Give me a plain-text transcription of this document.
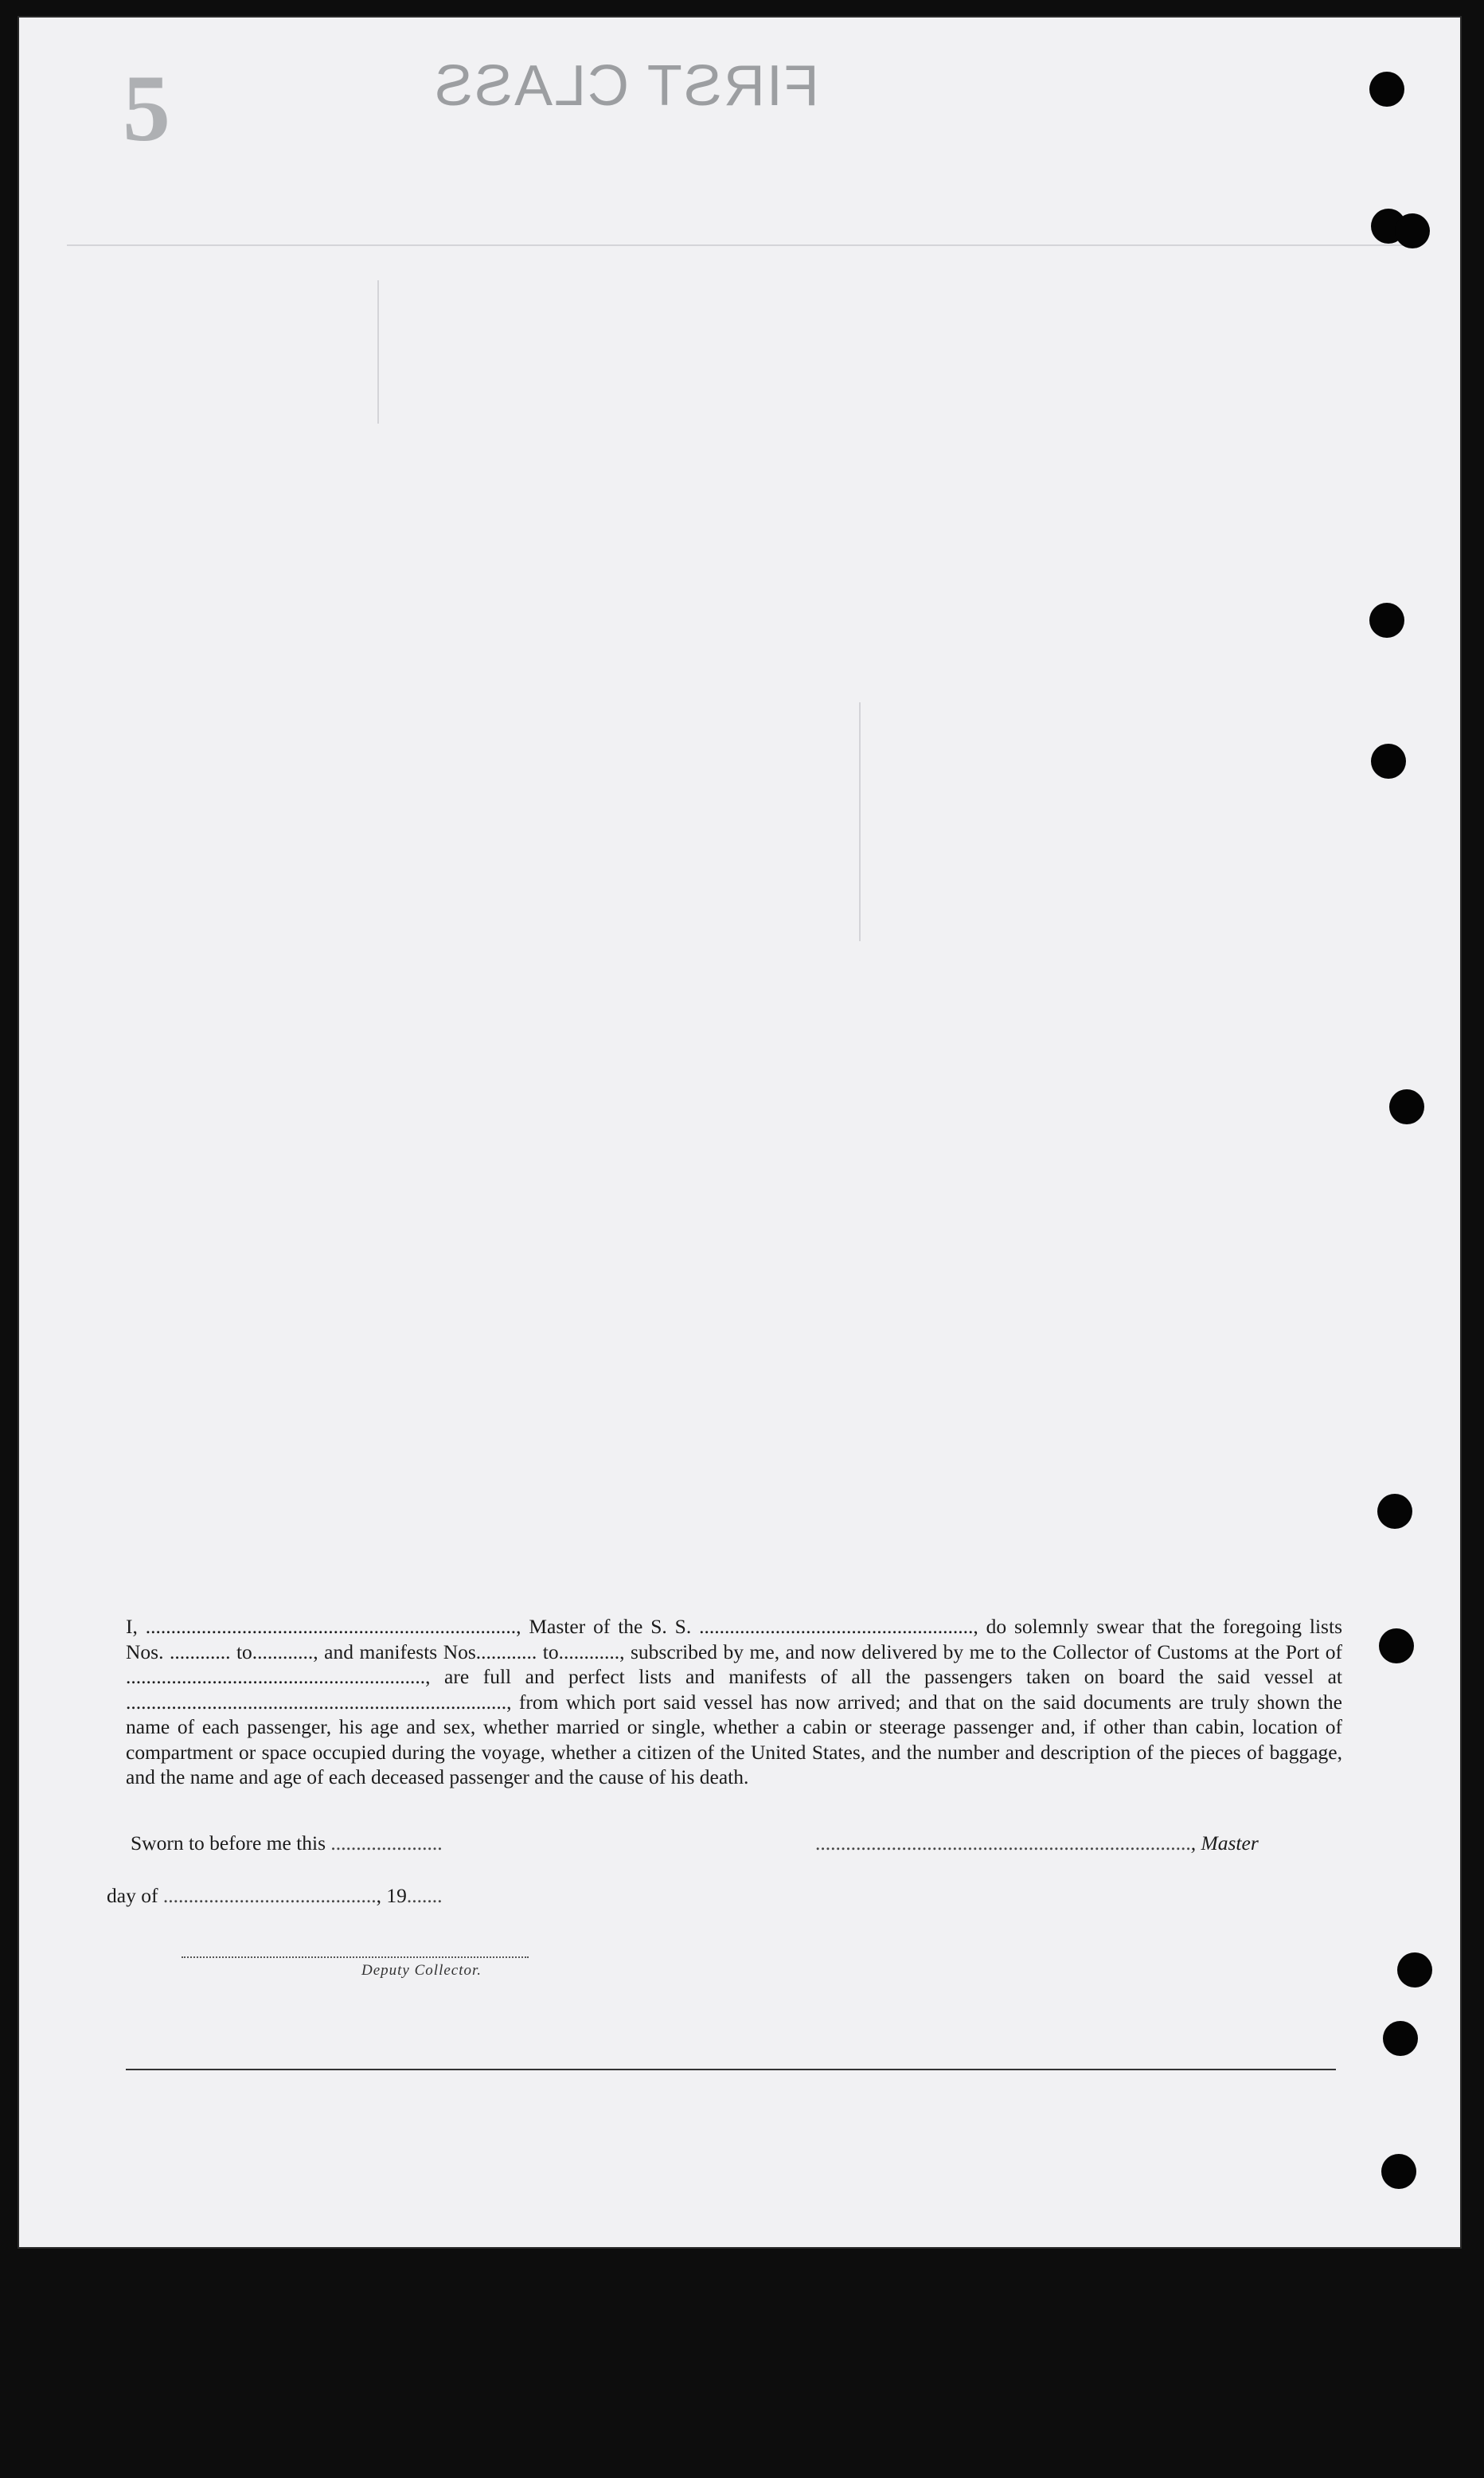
5	FIRST CLASS
I, ........................................................................., Master of the S. S. ......................................................, do solemnly swear that the foregoing lists Nos. ............ to............, and manifests Nos............ to............, subscribed by me, and now delivered by me to the Collector of Customs at the Port of ..........................................................., are full and perfect lists and manifests of all the passengers taken on board the said vessel at ..........................................................................., from which port said vessel has now arrived; and that on the said documents are truly shown the name of each passenger, his age and sex, whether married or single, whether a cabin or steerage passenger and, if other than cabin, location of compartment or space occupied during the voyage, whether a citizen of the United States, and the number and description of the pieces of baggage, and the name and age of each deceased passenger and the cause of his death.
Sworn to before me this ......................	.........................................................................., Master
day of .........................................., 19.......
Deputy Collector.
